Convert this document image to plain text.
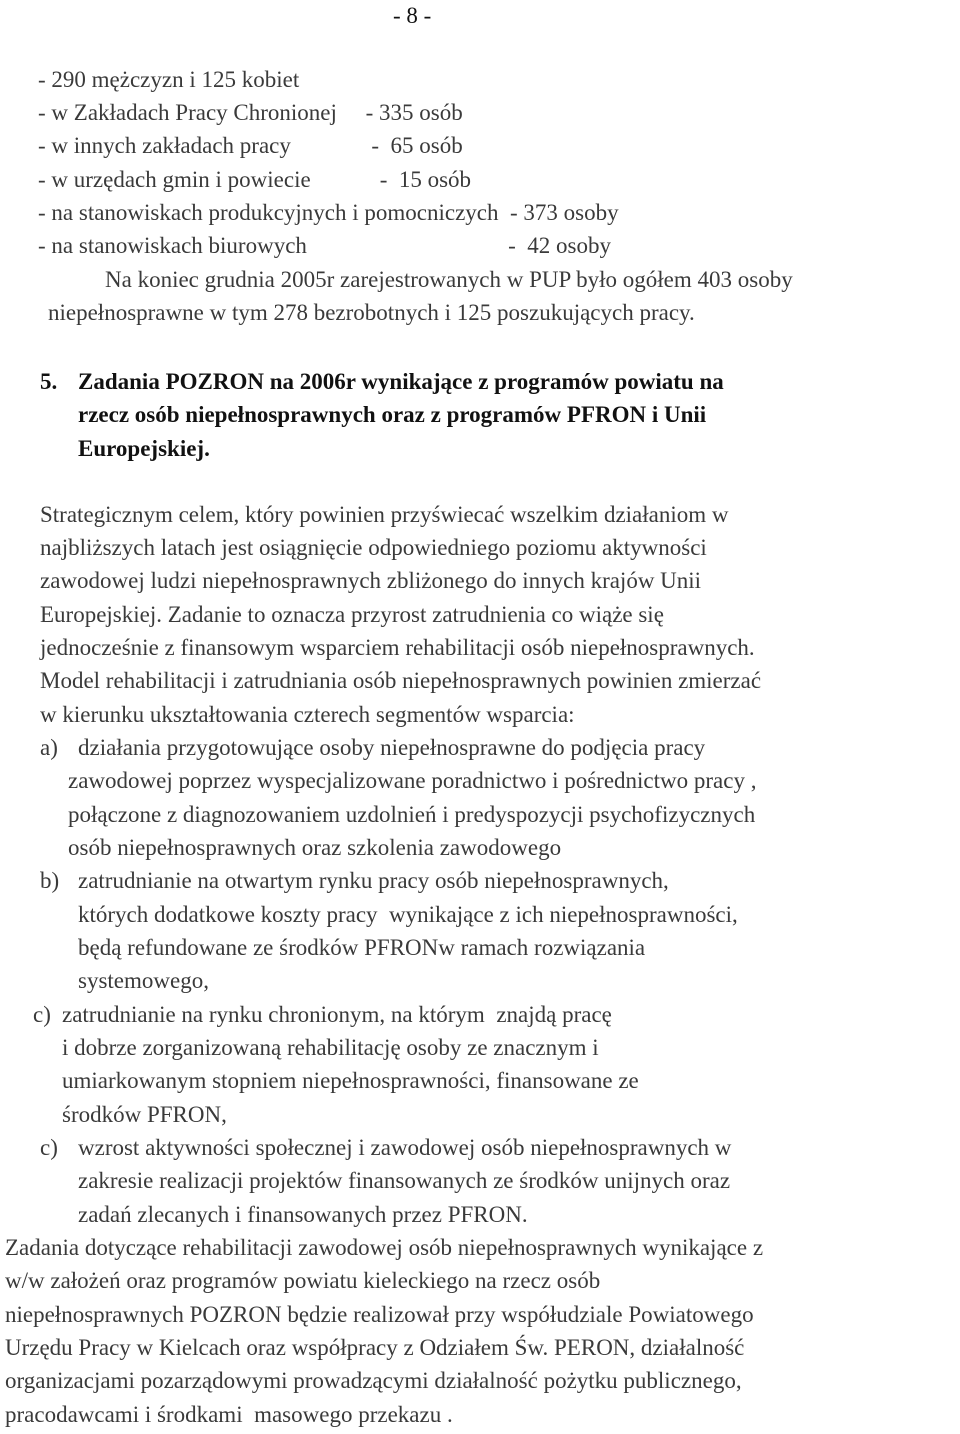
- 8 -
- 290 mężczyzn i 125 kobiet
- w Zakładach Pracy Chronionej     - 335 osób
- w innych zakładach pracy              -  65 osób
- w urzędach gmin i powiecie            -  15 osób
- na stanowiskach produkcyjnych i pomocniczych  - 373 osoby
- na stanowiskach biurowych                                   -  42 osoby
Na koniec grudnia 2005r zarejestrowanych w PUP było ogółem 403 osoby
niepełnosprawne w tym 278 bezrobotnych i 125 poszukujących pracy.
5. Zadania POZRON na 2006r wynikające z programów powiatu na
rzecz osób niepełnosprawnych oraz z programów PFRON i Unii
Europejskiej.
Strategicznym celem, który powinien przyświecać wszelkim działaniom w
najbliższych latach jest osiągnięcie odpowiedniego poziomu aktywności
zawodowej ludzi niepełnosprawnych zbliżonego do innych krajów Unii
Europejskiej. Zadanie to oznacza przyrost zatrudnienia co wiąże się
jednocześnie z finansowym wsparciem rehabilitacji osób niepełnosprawnych.
Model rehabilitacji i zatrudniania osób niepełnosprawnych powinien zmierzać
w kierunku ukształtowania czterech segmentów wsparcia:
a) działania przygotowujące osoby niepełnosprawne do podjęcia pracy
zawodowej poprzez wyspecjalizowane poradnictwo i pośrednictwo pracy ,
połączone z diagnozowaniem uzdolnień i predyspozycji psychofizycznych
osób niepełnosprawnych oraz szkolenia zawodowego
b) zatrudnianie na otwartym rynku pracy osób niepełnosprawnych,
których dodatkowe koszty pracy  wynikające z ich niepełnosprawności,
będą refundowane ze środków PFRONw ramach rozwiązania
systemowego,
c) zatrudnianie na rynku chronionym, na którym  znajdą pracę
i dobrze zorganizowaną rehabilitację osoby ze znacznym i
umiarkowanym stopniem niepełnosprawności, finansowane ze
środków PFRON,
c) wzrost aktywności społecznej i zawodowej osób niepełnosprawnych w
zakresie realizacji projektów finansowanych ze środków unijnych oraz
zadań zlecanych i finansowanych przez PFRON.
Zadania dotyczące rehabilitacji zawodowej osób niepełnosprawnych wynikające z
w/w założeń oraz programów powiatu kieleckiego na rzecz osób
niepełnosprawnych POZRON będzie realizował przy współudziale Powiatowego
Urzędu Pracy w Kielcach oraz współpracy z Odziałem Św. PERON, działalność
organizacjami pozarządowymi prowadzącymi działalność pożytku publicznego,
pracodawcami i środkami  masowego przekazu .
